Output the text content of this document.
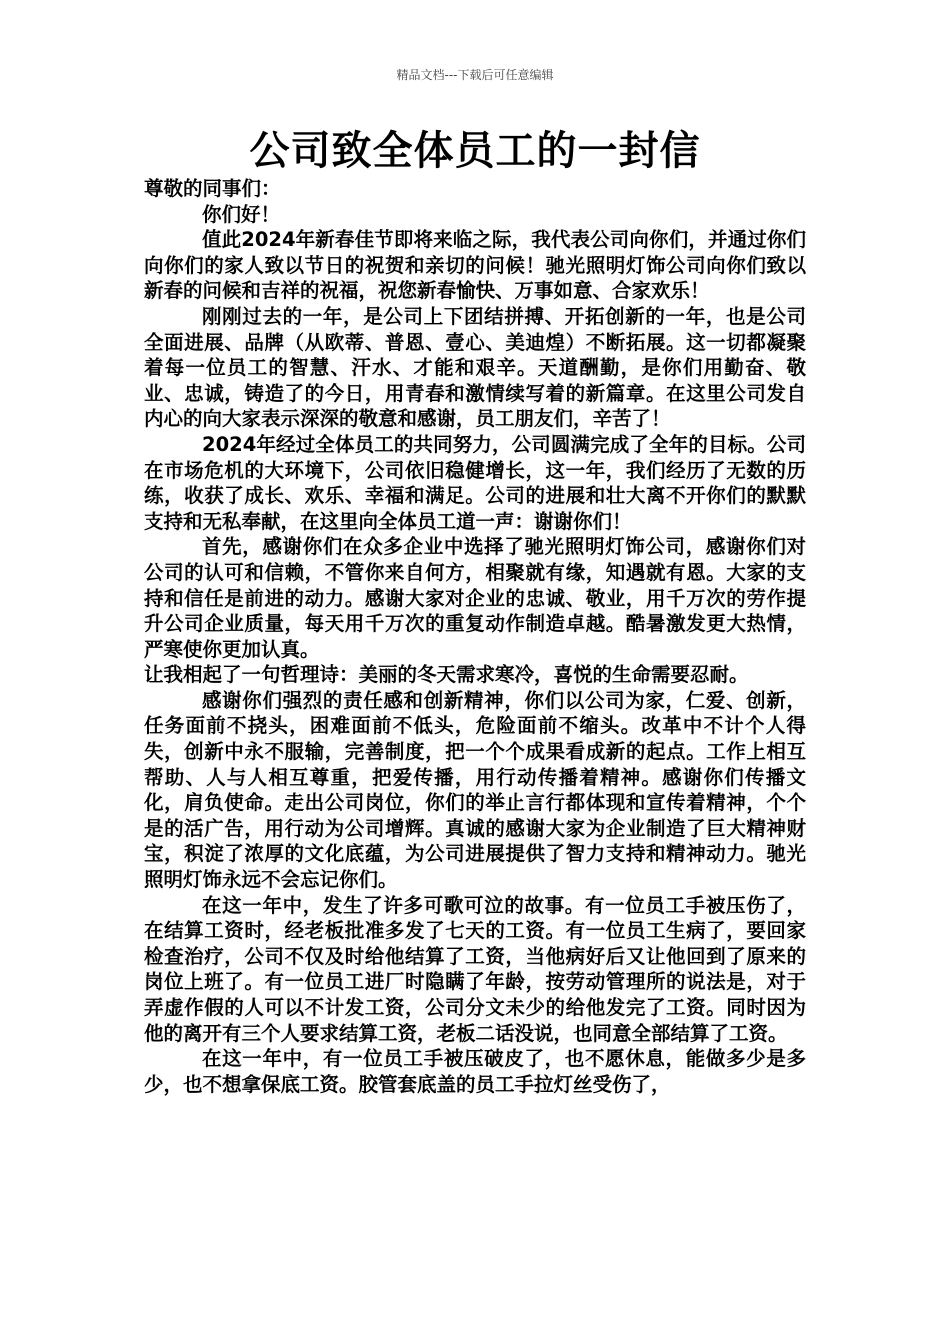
精品文档---下载后可任意编辑
公司致全体员工的一封信

尊敬的同事们：

你们好！

值此2024年新春佳节即将来临之际，我代表公司向你们，并通过你们向你们的家人致以节日的祝贺和亲切的问候！驰光照明灯饰公司向你们致以新春的问候和吉祥的祝福，祝您新春愉快、万事如意、合家欢乐！

刚刚过去的一年，是公司上下团结拼搏、开拓创新的一年，也是公司全面进展、品牌（从欧蒂、普恩、壹心、美迪煌）不断拓展。这一切都凝聚着每一位员工的智慧、汗水、才能和艰辛。天道酬勤，是你们用勤奋、敬业、忠诚，铸造了的今日，用青春和激情续写着的新篇章。在这里公司发自内心的向大家表示深深的敬意和感谢，员工朋友们，辛苦了！

2024年经过全体员工的共同努力，公司圆满完成了全年的目标。公司在市场危机的大环境下，公司依旧稳健增长，这一年，我们经历了无数的历练，收获了成长、欢乐、幸福和满足。公司的进展和壮大离不开你们的默默支持和无私奉献，在这里向全体员工道一声：谢谢你们！

首先，感谢你们在众多企业中选择了驰光照明灯饰公司，感谢你们对公司的认可和信赖，不管你来自何方，相聚就有缘，知遇就有恩。大家的支持和信任是前进的动力。感谢大家对企业的忠诚、敬业，用千万次的劳作提升公司企业质量，每天用千万次的重复动作制造卓越。酷暑激发更大热情，严寒使你更加认真。

让我相起了一句哲理诗：美丽的冬天需求寒冷，喜悦的生命需要忍耐。

感谢你们强烈的责任感和创新精神，你们以公司为家，仁爱、创新，任务面前不挠头，困难面前不低头，危险面前不缩头。改革中不计个人得失，创新中永不服输，完善制度，把一个个成果看成新的起点。工作上相互帮助、人与人相互尊重，把爱传播，用行动传播着精神。感谢你们传播文化，肩负使命。走出公司岗位，你们的举止言行都体现和宣传着精神，个个是的活广告，用行动为公司增辉。真诚的感谢大家为企业制造了巨大精神财宝，积淀了浓厚的文化底蕴，为公司进展提供了智力支持和精神动力。驰光照明灯饰永远不会忘记你们。

在这一年中，发生了许多可歌可泣的故事。有一位员工手被压伤了，在结算工资时，经老板批准多发了七天的工资。有一位员工生病了，要回家检查治疗，公司不仅及时给他结算了工资，当他病好后又让他回到了原来的岗位上班了。有一位员工进厂时隐瞒了年龄，按劳动管理所的说法是，对于弄虚作假的人可以不计发工资，公司分文未少的给他发完了工资。同时因为他的离开有三个人要求结算工资，老板二话没说，也同意全部结算了工资。

在这一年中，有一位员工手被压破皮了，也不愿休息，能做多少是多少，也不想拿保底工资。胶管套底盖的员工手拉灯丝受伤了，
